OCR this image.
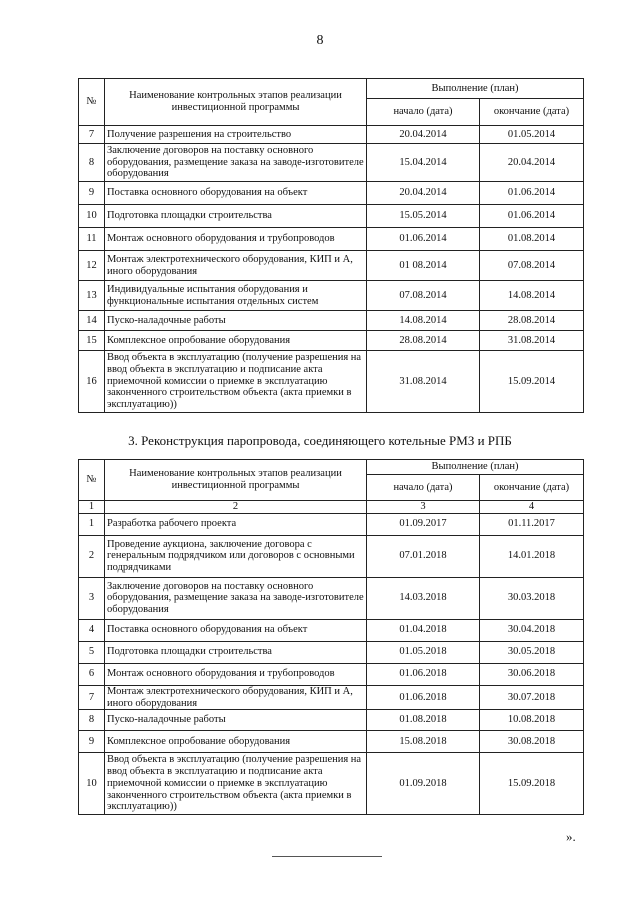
8
№	Наименование контрольных этапов реализации инвестиционной программы	Выполнение (план)	
		начало (дата)	окончание (дата)
7	Получение разрешения на строительство	20.04.2014	01.05.2014
8	Заключение договоров на поставку основного оборудования, размещение заказа на заводе-изготовителе оборудования	15.04.2014	20.04.2014
9	Поставка основного оборудования на объект	20.04.2014	01.06.2014
10	Подготовка площадки строительства	15.05.2014	01.06.2014
11	Монтаж основного оборудования и трубопроводов	01.06.2014	01.08.2014
12	Монтаж электротехнического оборудования, КИП и А, иного оборудования	01 08.2014	07.08.2014
13	Индивидуальные испытания оборудования и функциональные испытания отдельных систем	07.08.2014	14.08.2014
14	Пуско-наладочные работы	14.08.2014	28.08.2014
15	Комплексное опробование оборудования	28.08.2014	31.08.2014
16	Ввод объекта в эксплуатацию (получение разрешения на ввод объекта в эксплуатацию и подписание акта приемочной комиссии о приемке в эксплуатацию законченного строительством объекта (акта приемки в эксплуатацию))	31.08.2014	15.09.2014
3. Реконструкция паропровода, соединяющего котельные РМЗ и РПБ
№	Наименование контрольных этапов реализации инвестиционной программы	Выполнение (план)	
		начало (дата)	окончание (дата)
1	2	3	4
1	Разработка рабочего проекта	01.09.2017	01.11.2017
2	Проведение аукциона, заключение договора с генеральным подрядчиком или договоров с основными подрядчиками	07.01.2018	14.01.2018
3	Заключение договоров на поставку основного оборудования, размещение заказа на заводе-изготовителе оборудования	14.03.2018	30.03.2018
4	Поставка основного оборудования на объект	01.04.2018	30.04.2018
5	Подготовка площадки строительства	01.05.2018	30.05.2018
6	Монтаж основного оборудования и трубопроводов	01.06.2018	30.06.2018
7	Монтаж электротехнического оборудования, КИП и А, иного оборудования	01.06.2018	30.07.2018
8	Пуско-наладочные работы	01.08.2018	10.08.2018
9	Комплексное опробование оборудования	15.08.2018	30.08.2018
10	Ввод объекта в эксплуатацию (получение разрешения на ввод объекта в эксплуатацию и подписание акта приемочной комиссии о приемке в эксплуатацию законченного строительством объекта (акта приемки в эксплуатацию))	01.09.2018	15.09.2018
».
